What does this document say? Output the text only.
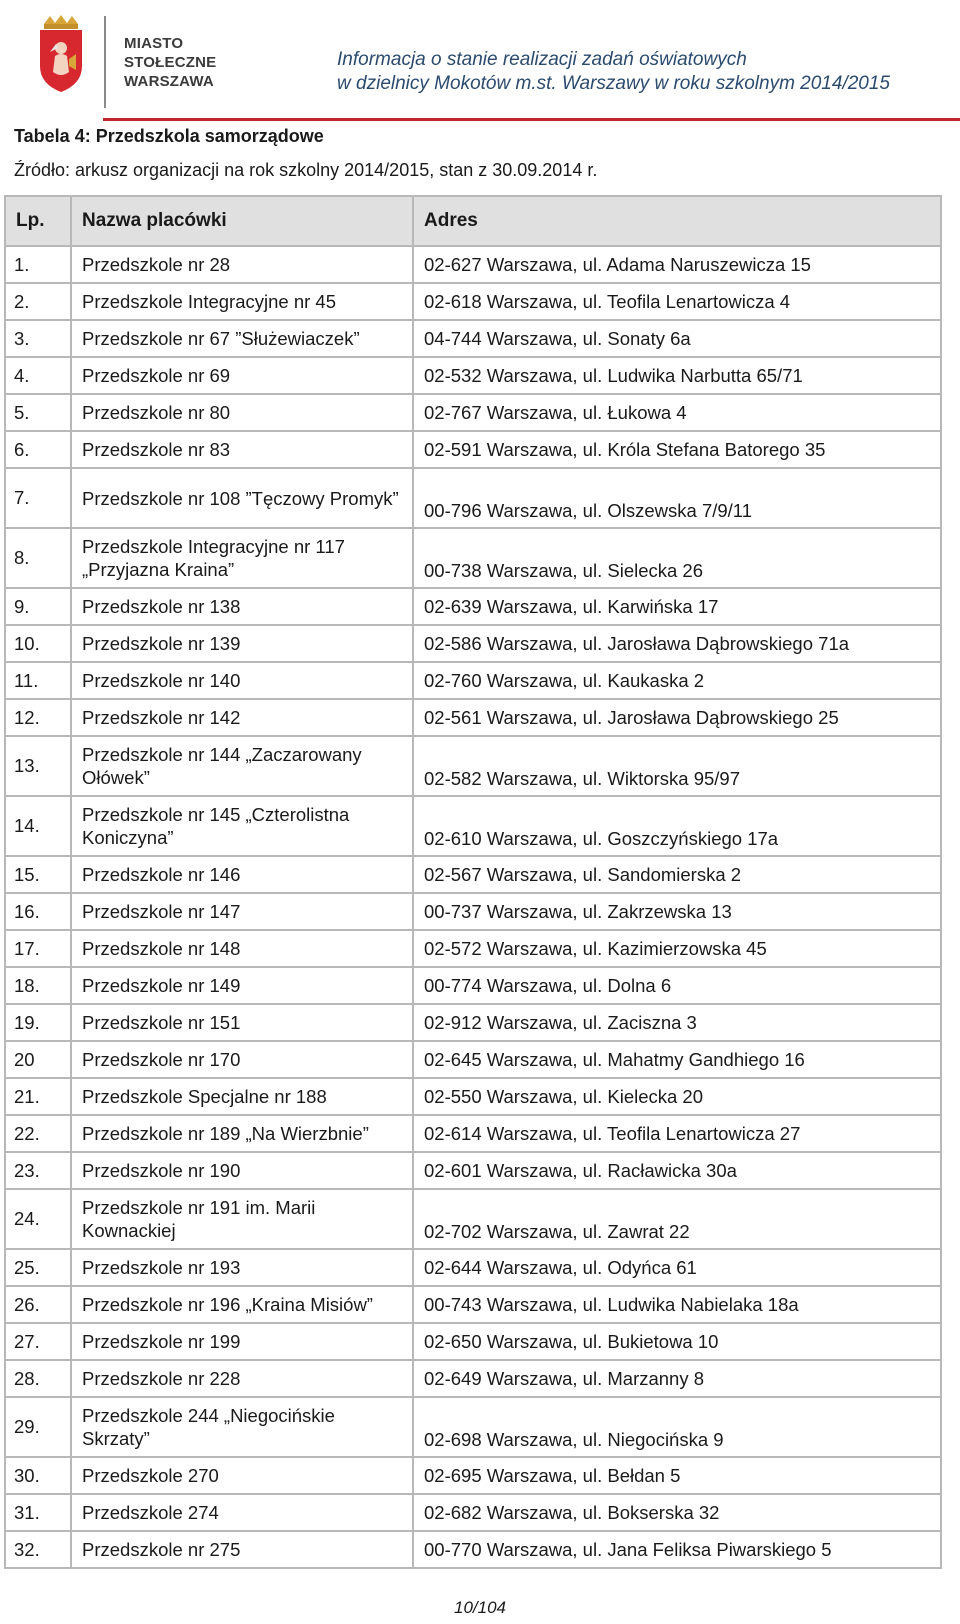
MIASTO
STOŁECZNE
WARSZAWA
Informacja o stanie realizacji zadań oświatowych
w dzielnicy Mokotów m.st. Warszawy w roku szkolnym 2014/2015
Tabela 4: Przedszkola samorządowe
Źródło: arkusz organizacji na rok szkolny 2014/2015, stan z 30.09.2014 r.
Lp.	Nazwa placówki	Adres
1.	Przedszkole nr 28	02-627 Warszawa, ul. Adama Naruszewicza 15
2.	Przedszkole Integracyjne nr 45	02-618 Warszawa, ul. Teofila Lenartowicza 4
3.	Przedszkole nr 67 ”Służewiaczek”	04-744 Warszawa, ul. Sonaty 6a
4.	Przedszkole nr 69	02-532 Warszawa, ul. Ludwika Narbutta 65/71
5.	Przedszkole nr 80	02-767 Warszawa, ul. Łukowa 4
6.	Przedszkole nr 83	02-591 Warszawa, ul. Króla Stefana Batorego 35
7.	Przedszkole nr 108 ”Tęczowy Promyk”	00-796 Warszawa, ul. Olszewska 7/9/11
8.	Przedszkole Integracyjne nr 117 „Przyjazna Kraina”	00-738 Warszawa, ul. Sielecka 26
9.	Przedszkole nr 138	02-639 Warszawa, ul. Karwińska 17
10.	Przedszkole nr 139	02-586 Warszawa, ul. Jarosława Dąbrowskiego 71a
11.	Przedszkole nr 140	02-760 Warszawa, ul. Kaukaska 2
12.	Przedszkole nr 142	02-561 Warszawa, ul. Jarosława Dąbrowskiego 25
13.	Przedszkole nr 144 „Zaczarowany Ołówek”	02-582 Warszawa, ul. Wiktorska 95/97
14.	Przedszkole nr 145 „Czterolistna Koniczyna”	02-610 Warszawa, ul. Goszczyńskiego 17a
15.	Przedszkole nr 146	02-567 Warszawa, ul. Sandomierska 2
16.	Przedszkole nr 147	00-737 Warszawa, ul. Zakrzewska 13
17.	Przedszkole nr 148	02-572 Warszawa, ul. Kazimierzowska 45
18.	Przedszkole nr 149	00-774 Warszawa, ul. Dolna 6
19.	Przedszkole nr 151	02-912 Warszawa, ul. Zaciszna 3
20	Przedszkole nr 170	02-645 Warszawa, ul. Mahatmy Gandhiego 16
21.	Przedszkole Specjalne nr 188	02-550 Warszawa, ul. Kielecka 20
22.	Przedszkole nr 189 „Na Wierzbnie”	02-614 Warszawa, ul. Teofila Lenartowicza 27
23.	Przedszkole nr 190	02-601 Warszawa, ul. Racławicka 30a
24.	Przedszkole nr 191 im. Marii Kownackiej	02-702 Warszawa, ul. Zawrat 22
25.	Przedszkole nr 193	02-644 Warszawa, ul. Odyńca 61
26.	Przedszkole nr 196 „Kraina Misiów”	00-743 Warszawa, ul. Ludwika Nabielaka 18a
27.	Przedszkole nr 199	02-650 Warszawa, ul. Bukietowa 10
28.	Przedszkole nr 228	02-649 Warszawa, ul. Marzanny 8
29.	Przedszkole 244 „Niegocińskie Skrzaty”	02-698 Warszawa, ul. Niegocińska 9
30.	Przedszkole 270	02-695 Warszawa, ul. Bełdan 5
31.	Przedszkole 274	02-682 Warszawa, ul. Bokserska 32
32.	Przedszkole nr 275	00-770 Warszawa, ul. Jana Feliksa Piwarskiego 5
10/104
